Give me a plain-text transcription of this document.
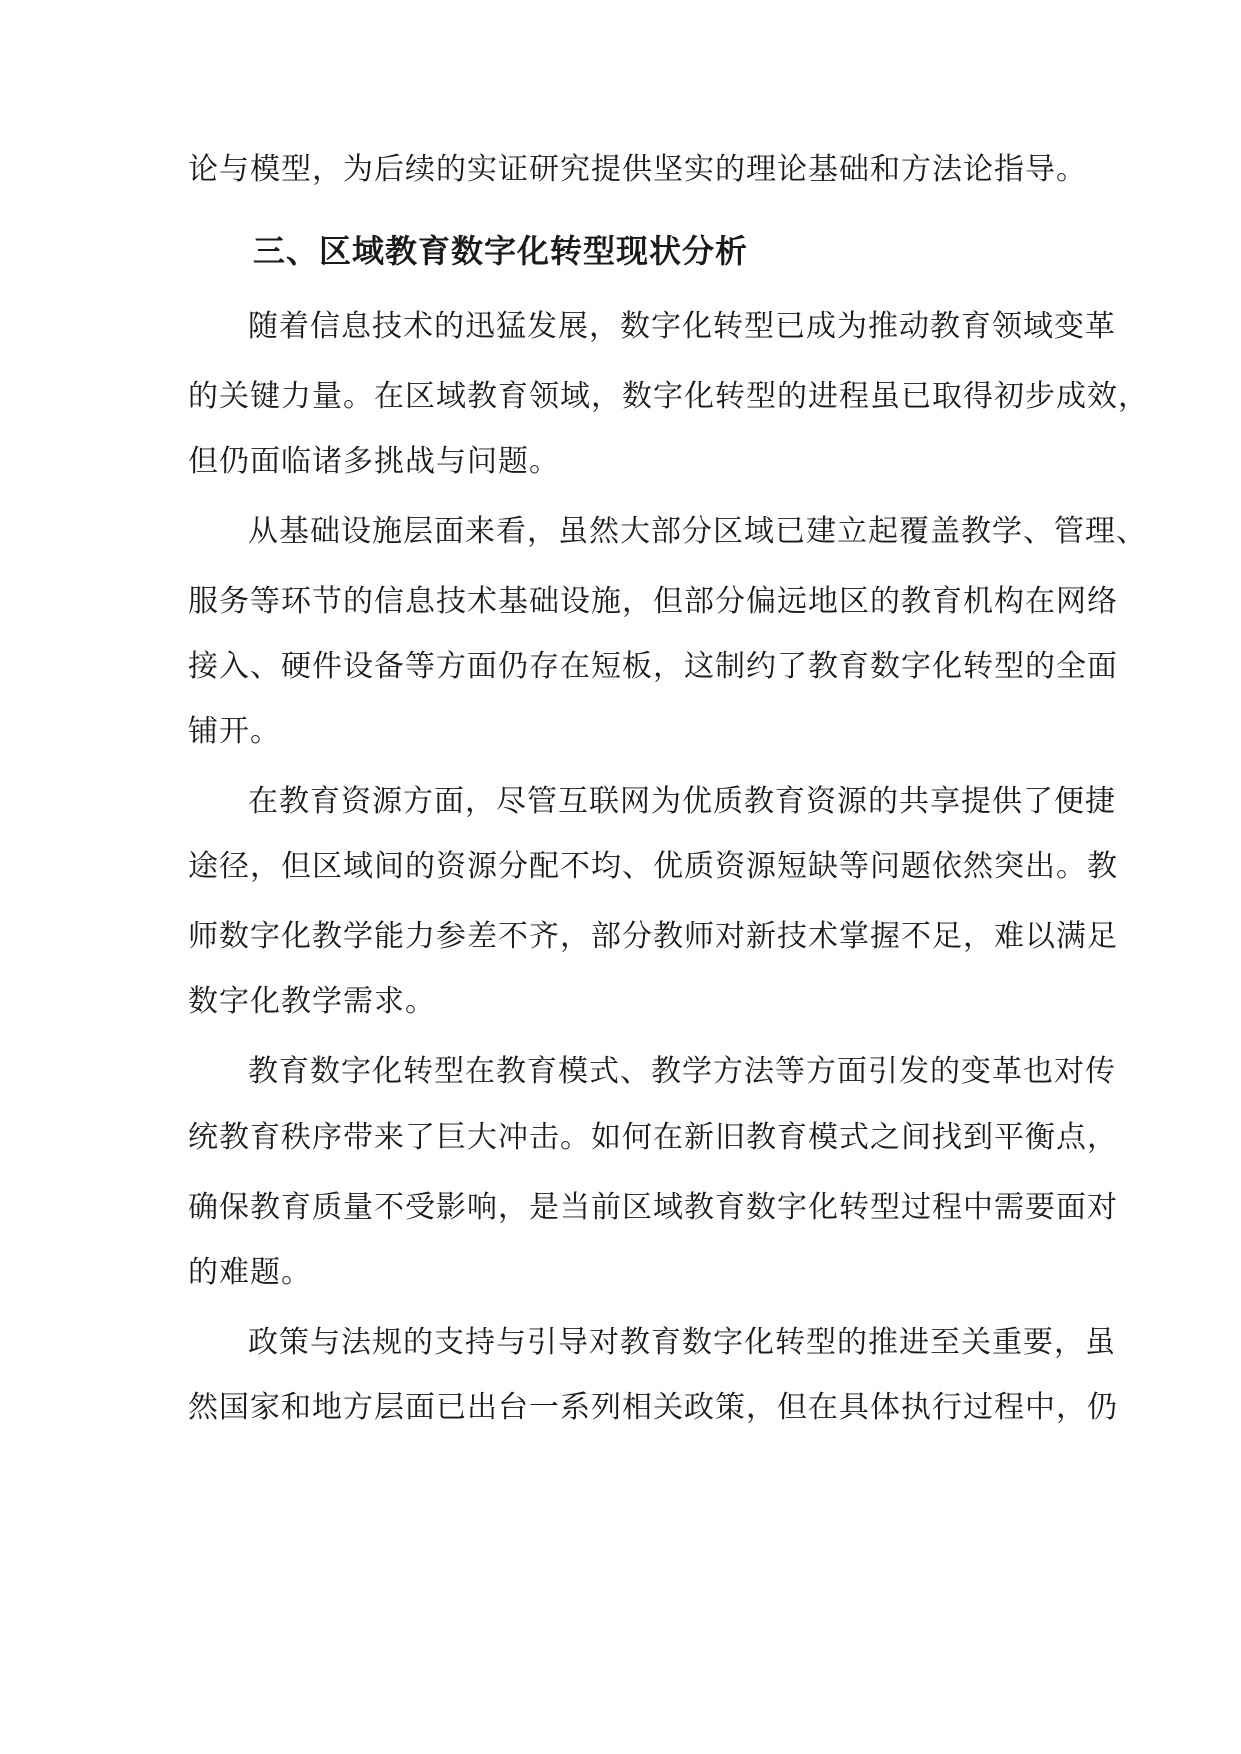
论与模型，为后续的实证研究提供坚实的理论基础和方法论指导。
三、区域教育数字化转型现状分析
随着信息技术的迅猛发展，数字化转型已成为推动教育领域变革
的关键力量。在区域教育领域，数字化转型的进程虽已取得初步成效，
但仍面临诸多挑战与问题。
从基础设施层面来看，虽然大部分区域已建立起覆盖教学、管理、
服务等环节的信息技术基础设施，但部分偏远地区的教育机构在网络
接入、硬件设备等方面仍存在短板，这制约了教育数字化转型的全面
铺开。
在教育资源方面，尽管互联网为优质教育资源的共享提供了便捷
途径，但区域间的资源分配不均、优质资源短缺等问题依然突出。教
师数字化教学能力参差不齐，部分教师对新技术掌握不足，难以满足
数字化教学需求。
教育数字化转型在教育模式、教学方法等方面引发的变革也对传
统教育秩序带来了巨大冲击。如何在新旧教育模式之间找到平衡点，
确保教育质量不受影响，是当前区域教育数字化转型过程中需要面对
的难题。
政策与法规的支持与引导对教育数字化转型的推进至关重要，虽
然国家和地方层面已出台一系列相关政策，但在具体执行过程中，仍
